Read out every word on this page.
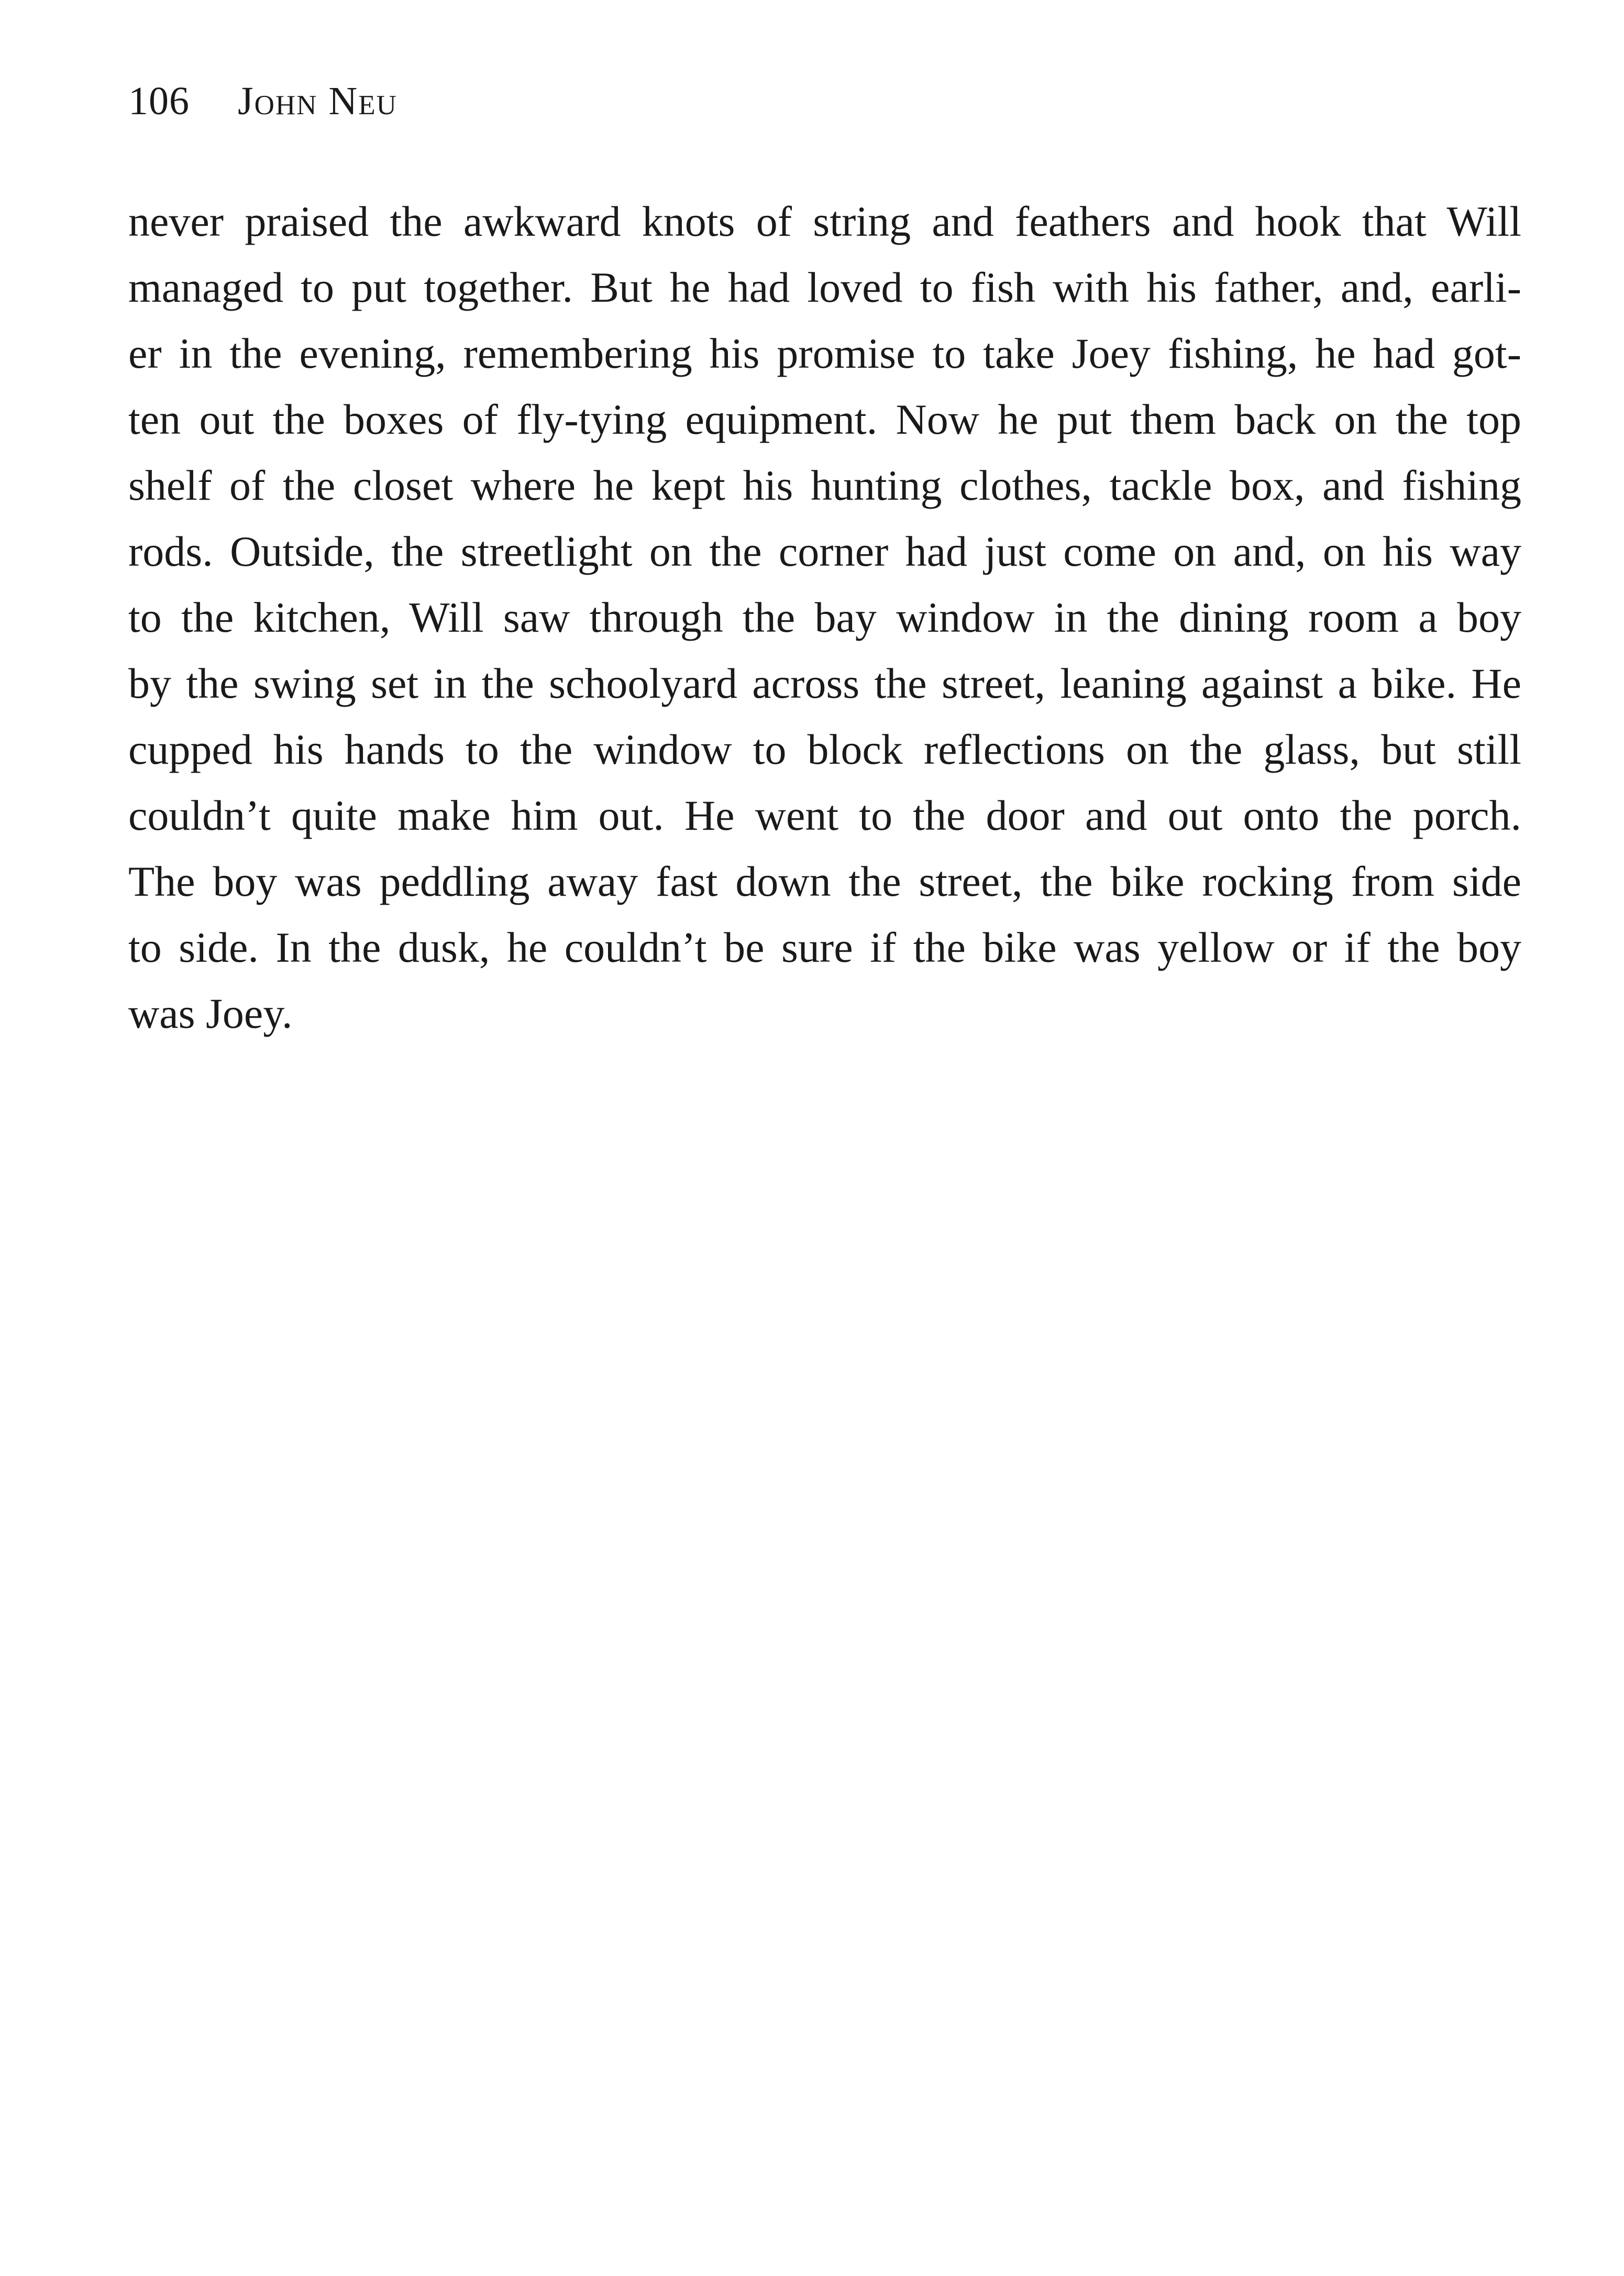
106 John Neu
never praised the awkward knots of string and feathers and hook that Will
managed to put together. But he had loved to fish with his father, and, earli-
er in the evening, remembering his promise to take Joey fishing, he had got-
ten out the boxes of fly-tying equipment. Now he put them back on the top
shelf of the closet where he kept his hunting clothes, tackle box, and fishing
rods. Outside, the streetlight on the corner had just come on and, on his way
to the kitchen, Will saw through the bay window in the dining room a boy
by the swing set in the schoolyard across the street, leaning against a bike. He
cupped his hands to the window to block reflections on the glass, but still
couldn’t quite make him out. He went to the door and out onto the porch.
The boy was peddling away fast down the street, the bike rocking from side
to side. In the dusk, he couldn’t be sure if the bike was yellow or if the boy
was Joey.
